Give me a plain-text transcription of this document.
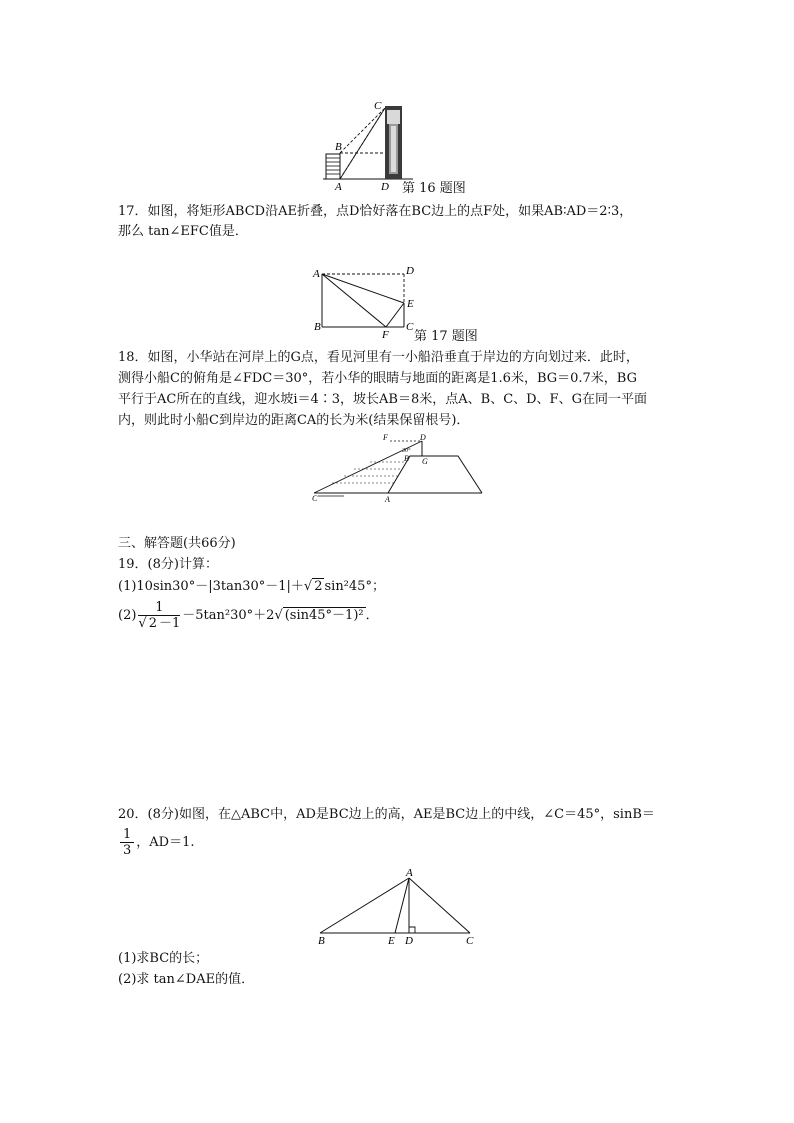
C
B
A	D 第 16 题图
17．如图，将矩形ABCD沿AE折叠，点D恰好落在BC边上的点F处，如果AB∶AD＝2∶3，
那么 tan∠EFC值是．
A	D
E
B
F
C
第 17 题图
18．如图，小华站在河岸上的G点，看见河里有一小船沿垂直于岸边的方向划过来．此时，
测得小船C的俯角是∠FDC＝30°，若小华的眼睛与地面的距离是1.6米，BG＝0.7米，BG
平行于AC所在的直线，迎水坡i＝4∶3，坡长AB＝8米，点A、B、C、D、F、G在同一平面
内，则此时小船C到岸边的距离CA的长为米(结果保留根号)．
F	D
30°
B G
C	A
三、解答题(共66分)
19．(8分)计算：
(1)10sin30°－|3tan30°－1|＋√ 2 sin²45°；
$(2) \frac{1}{√ 2 -1} -5\tan^230^\circ+2√$ (sin45°－1)² ．
20．(8分)如图，在△ABC中，AD是BC边上的高，AE是BC边上的中线，∠C＝45°，sinB＝
$\frac{1}{3}$ ，AD＝1.
A
B	E D	C
(1)求BC的长；
(2)求 tan∠DAE的值．
